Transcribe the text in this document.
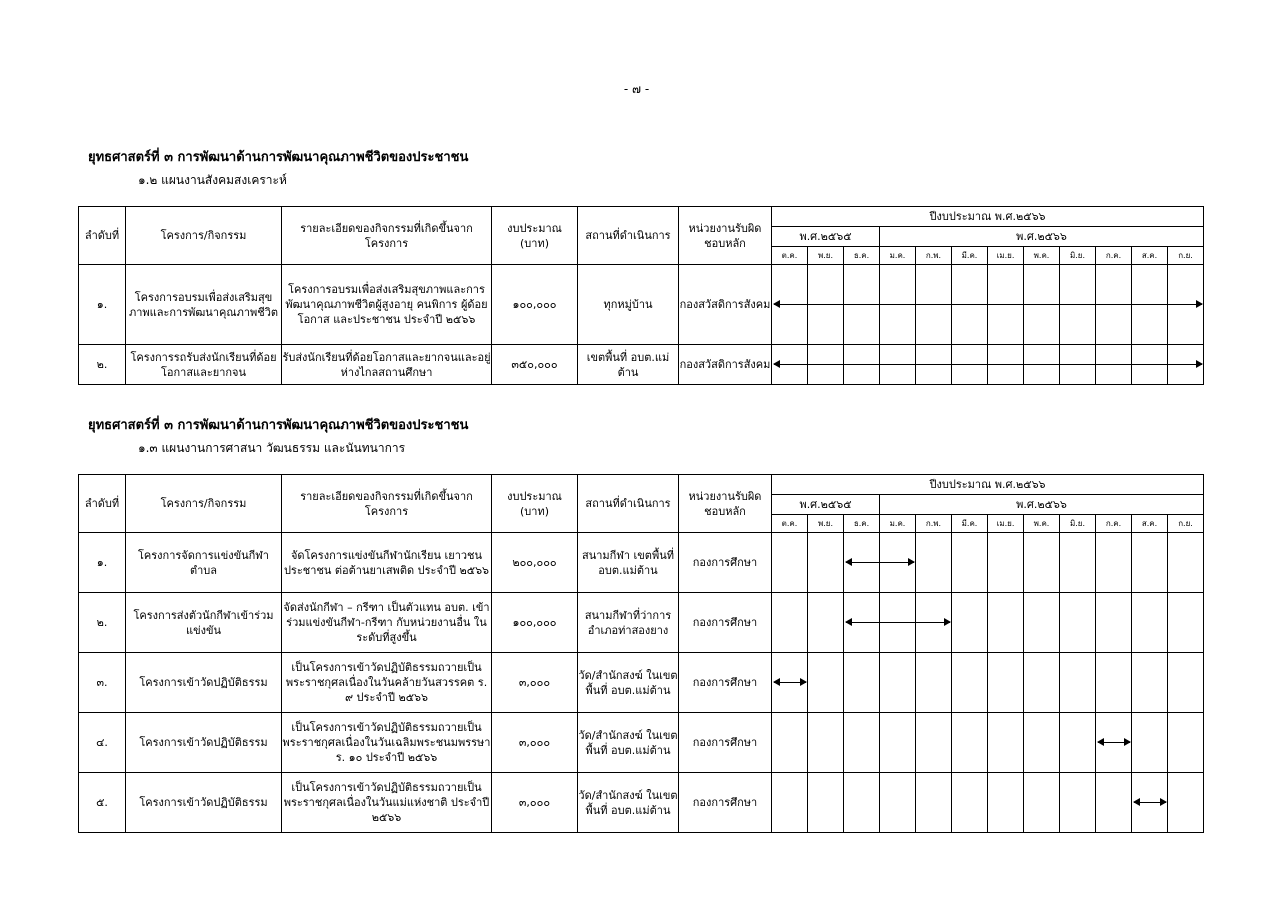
- ๗ -
ยุทธศาสตร์ที่ ๓ การพัฒนาด้านการพัฒนาคุณภาพชีวิตของประชาชน
๑.๒ แผนงานสังคมสงเคราะห์
ลำดับที่	โครงการ/กิจกรรม	รายละเอียดของกิจกรรมที่เกิดขึ้นจากโครงการ	งบประมาณ (บาท)	สถานที่ดำเนินการ	หน่วยงานรับผิดชอบหลัก	ปีงบประมาณ พ.ศ.๒๕๖๖											
						พ.ศ.๒๕๖๕			พ.ศ.๒๕๖๖								
						ต.ค.	พ.ย.	ธ.ค.	ม.ค.	ก.พ.	มี.ค.	เม.ย.	พ.ค.	มิ.ย.	ก.ค.	ส.ค.	ก.ย.
๑.	โครงการอบรมเพื่อส่งเสริมสุขภาพและการพัฒนาคุณภาพชีวิต	โครงการอบรมเพื่อส่งเสริมสุขภาพและการพัฒนาคุณภาพชีวิตผู้สูงอายุ คนพิการ ผู้ด้อยโอกาส และประชาชน ประจำปี ๒๕๖๖	๑๐๐,๐๐๐	ทุกหมู่บ้าน	กองสวัสดิการสังคม	

๒.	โครงการรถรับส่งนักเรียนที่ด้อยโอกาสและยากจน	รับส่งนักเรียนที่ด้อยโอกาสและยากจนและอยู่ห่างไกลสถานศึกษา	๓๕๐,๐๐๐	เขตพื้นที่ อบต.แม่ต้าน	กองสวัสดิการสังคม	

ยุทธศาสตร์ที่ ๓ การพัฒนาด้านการพัฒนาคุณภาพชีวิตของประชาชน
๑.๓ แผนงานการศาสนา วัฒนธรรม และนันทนาการ
ลำดับที่	โครงการ/กิจกรรม	รายละเอียดของกิจกรรมที่เกิดขึ้นจากโครงการ	งบประมาณ (บาท)	สถานที่ดำเนินการ	หน่วยงานรับผิดชอบหลัก	ปีงบประมาณ พ.ศ.๒๕๖๖											
						พ.ศ.๒๕๖๕			พ.ศ.๒๕๖๖								
						ต.ค.	พ.ย.	ธ.ค.	ม.ค.	ก.พ.	มี.ค.	เม.ย.	พ.ค.	มิ.ย.	ก.ค.	ส.ค.	ก.ย.
๑.	โครงการจัดการแข่งขันกีฬาตำบล	จัดโครงการแข่งขันกีฬานักเรียน เยาวชน ประชาชน ต่อต้านยาเสพติด ประจำปี ๒๕๖๖	๒๐๐,๐๐๐	สนามกีฬา เขตพื้นที่ อบต.แม่ต้าน	กองการศึกษา			

๒.	โครงการส่งตัวนักกีฬาเข้าร่วมแข่งขัน	จัดส่งนักกีฬา – กรีฑา เป็นตัวแทน อบต. เข้าร่วมแข่งขันกีฬา-กรีฑา กับหน่วยงานอื่น ในระดับที่สูงขึ้น	๑๐๐,๐๐๐	สนามกีฬาที่ว่าการอำเภอท่าสองยาง	กองการศึกษา			

๓.	โครงการเข้าวัดปฏิบัติธรรม	เป็นโครงการเข้าวัดปฏิบัติธรรมถวายเป็นพระราชกุศลเนื่องในวันคล้ายวันสวรรคต ร. ๙ ประจำปี ๒๕๖๖	๓,๐๐๐	วัด/สำนักสงฆ์ ในเขตพื้นที่ อบต.แม่ต้าน	กองการศึกษา	

๔.	โครงการเข้าวัดปฏิบัติธรรม	เป็นโครงการเข้าวัดปฏิบัติธรรมถวายเป็นพระราชกุศลเนื่องในวันเฉลิมพระชนมพรรษา ร. ๑๐ ประจำปี ๒๕๖๖	๓,๐๐๐	วัด/สำนักสงฆ์ ในเขตพื้นที่ อบต.แม่ต้าน	กองการศึกษา										

๕.	โครงการเข้าวัดปฏิบัติธรรม	เป็นโครงการเข้าวัดปฏิบัติธรรมถวายเป็นพระราชกุศลเนื่องในวันแม่แห่งชาติ ประจำปี ๒๕๖๖	๓,๐๐๐	วัด/สำนักสงฆ์ ในเขตพื้นที่ อบต.แม่ต้าน	กองการศึกษา											
